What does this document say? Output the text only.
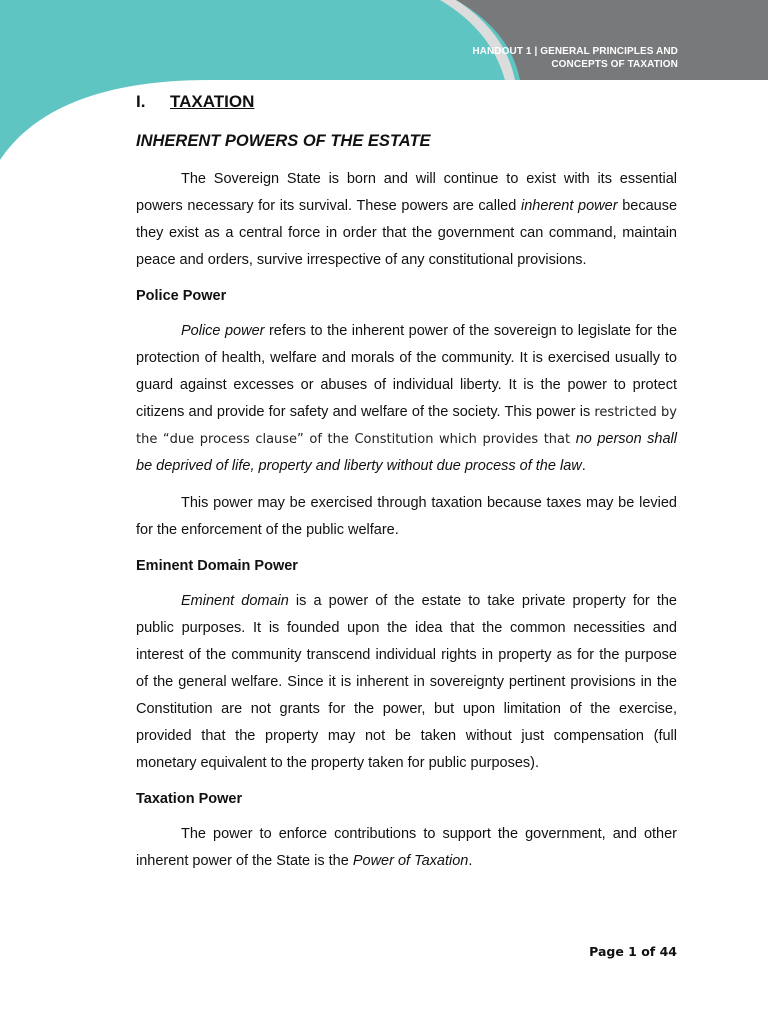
HANDOUT 1 | GENERAL PRINCIPLES AND
CONCEPTS OF TAXATION
I.	TAXATION
INHERENT POWERS OF THE ESTATE

The Sovereign State is born and will continue to exist with its essential powers necessary for its survival. These powers are called inherent power because they exist as a central force in order that the government can command, maintain peace and orders, survive irrespective of any constitutional provisions.

Police Power

Police power refers to the inherent power of the sovereign to legislate for the protection of health, welfare and morals of the community. It is exercised usually to guard against excesses or abuses of individual liberty. It is the power to protect citizens and provide for safety and welfare of the society. This power is restricted by the “due process clause” of the Constitution which provides that no person shall be deprived of life, property and liberty without due process of the law.

This power may be exercised through taxation because taxes may be levied for the enforcement of the public welfare.

Eminent Domain Power

Eminent domain is a power of the estate to take private property for the public purposes. It is founded upon the idea that the common necessities and interest of the community transcend individual rights in property as for the purpose of the general welfare. Since it is inherent in sovereignty pertinent provisions in the Constitution are not grants for the power, but upon limitation of the exercise, provided that the property may not be taken without just compensation (full monetary equivalent to the property taken for public purposes).

Taxation Power

The power to enforce contributions to support the government, and other inherent power of the State is the Power of Taxation.

Page 1 of 44
